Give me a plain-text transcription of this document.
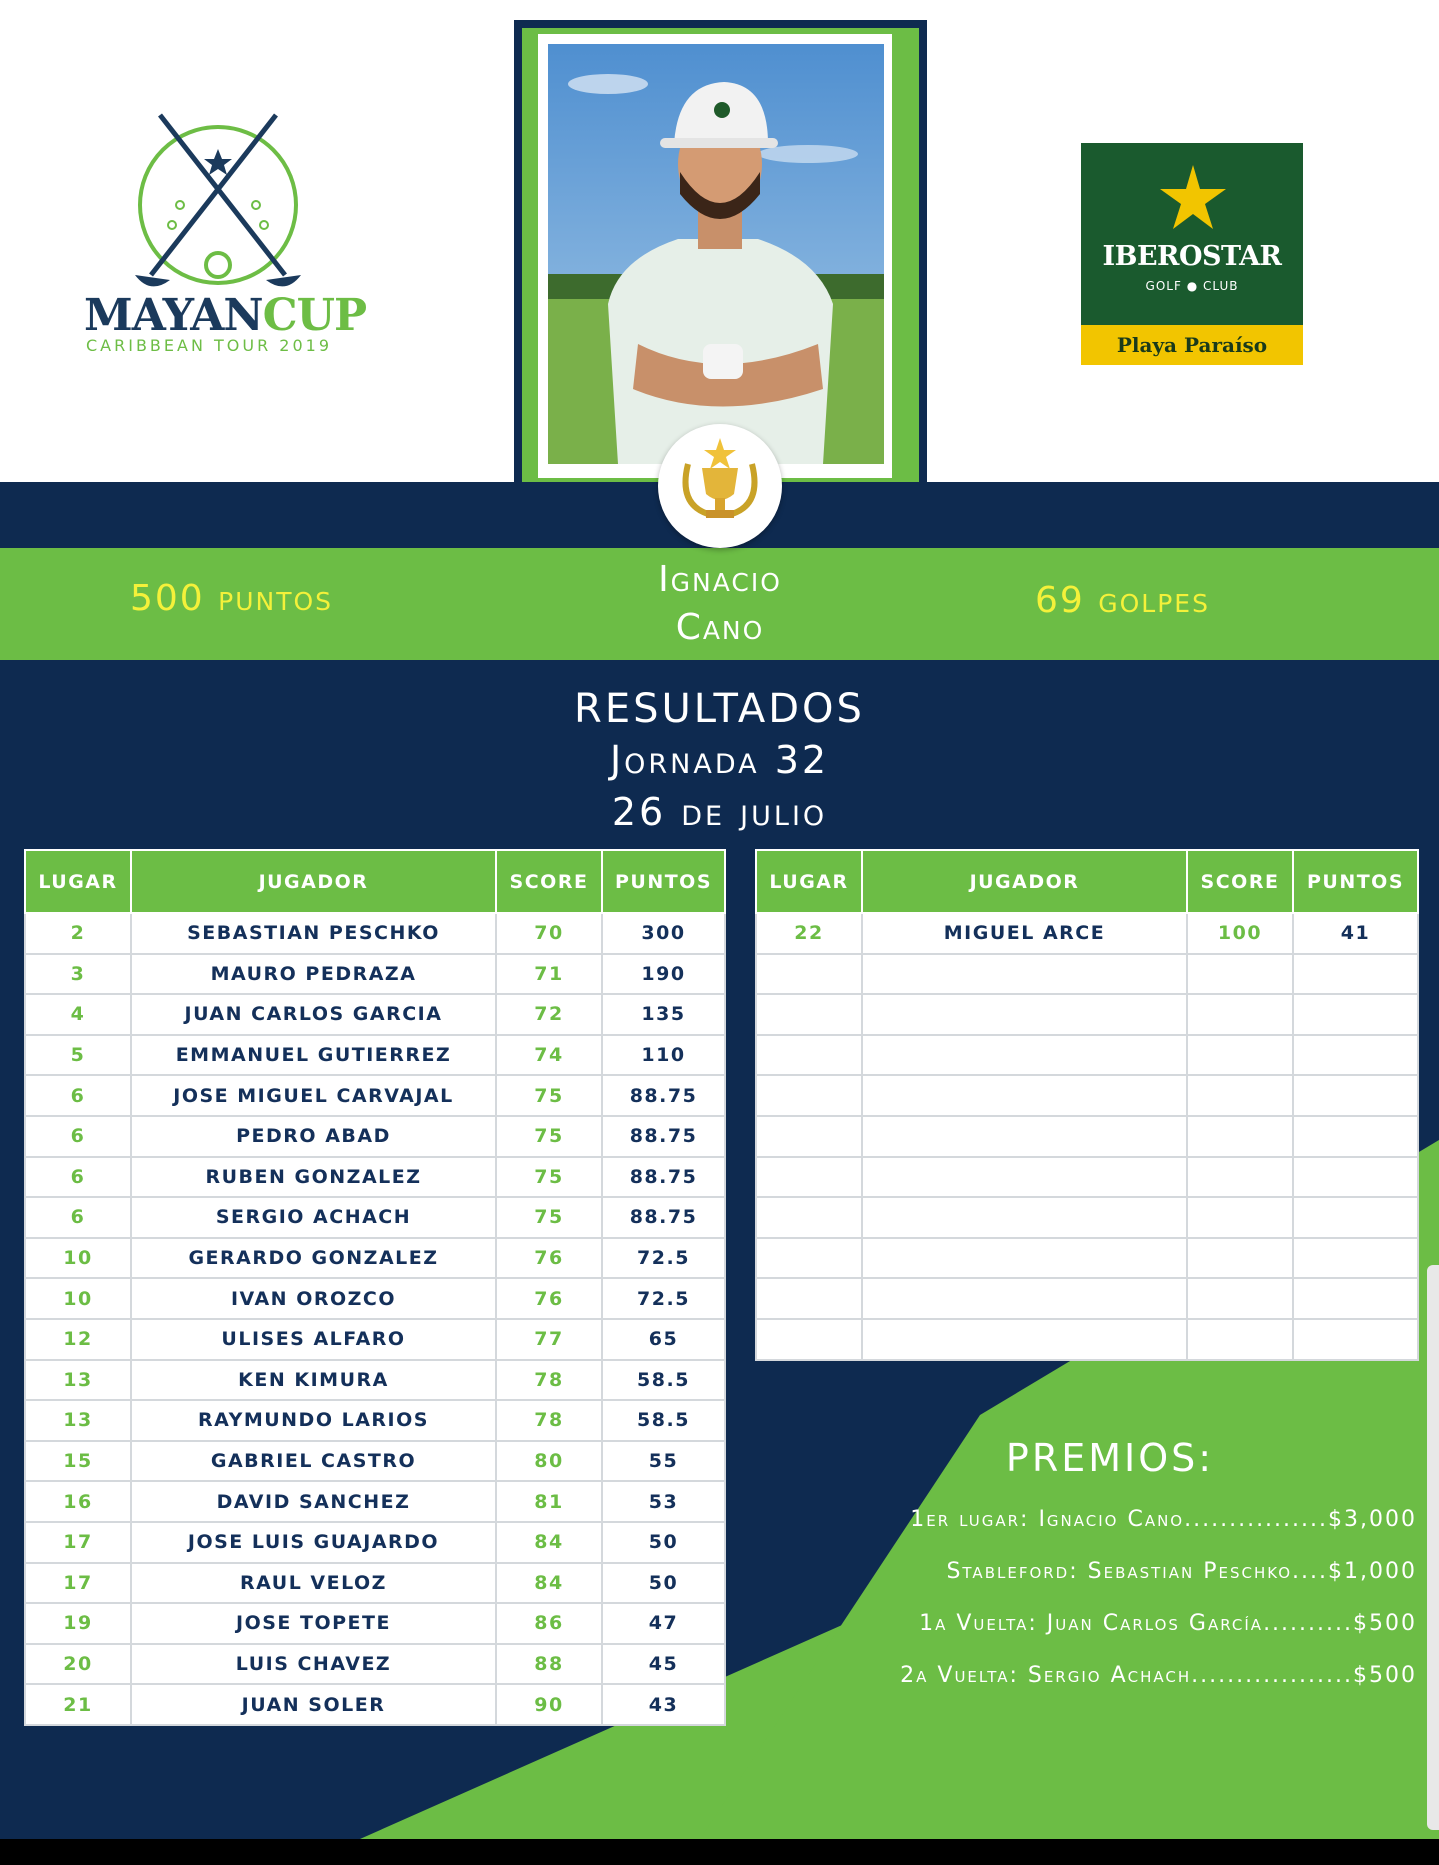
MAYANCUP
CARIBBEAN TOUR 2019
IBEROSTAR
GOLF ● CLUB
Playa Paraíso
500 puntos	Ignacio
Cano
69 golpes
RESULTADOS
Jornada 32
26 de julio
LUGAR	JUGADOR	SCORE	PUNTOS
2	SEBASTIAN PESCHKO	70	300
3	MAURO PEDRAZA	71	190
4	JUAN CARLOS GARCIA	72	135
5	EMMANUEL GUTIERREZ	74	110
6	JOSE MIGUEL CARVAJAL	75	88.75
6	PEDRO ABAD	75	88.75
6	RUBEN GONZALEZ	75	88.75
6	SERGIO ACHACH	75	88.75
10	GERARDO GONZALEZ	76	72.5
10	IVAN OROZCO	76	72.5
12	ULISES ALFARO	77	65
13	KEN KIMURA	78	58.5
13	RAYMUNDO LARIOS	78	58.5
15	GABRIEL CASTRO	80	55
16	DAVID SANCHEZ	81	53
17	JOSE LUIS GUAJARDO	84	50
17	RAUL VELOZ	84	50
19	JOSE TOPETE	86	47
20	LUIS CHAVEZ	88	45
21	JUAN SOLER	90	43
LUGAR	JUGADOR	SCORE	PUNTOS
22	MIGUEL ARCE	100	41

PREMIOS:
1er lugar: Ignacio Cano................$3,000
Stableford: Sebastian Peschko....$1,000
1a Vuelta: Juan Carlos García..........$500
2a Vuelta: Sergio Achach..................$500
